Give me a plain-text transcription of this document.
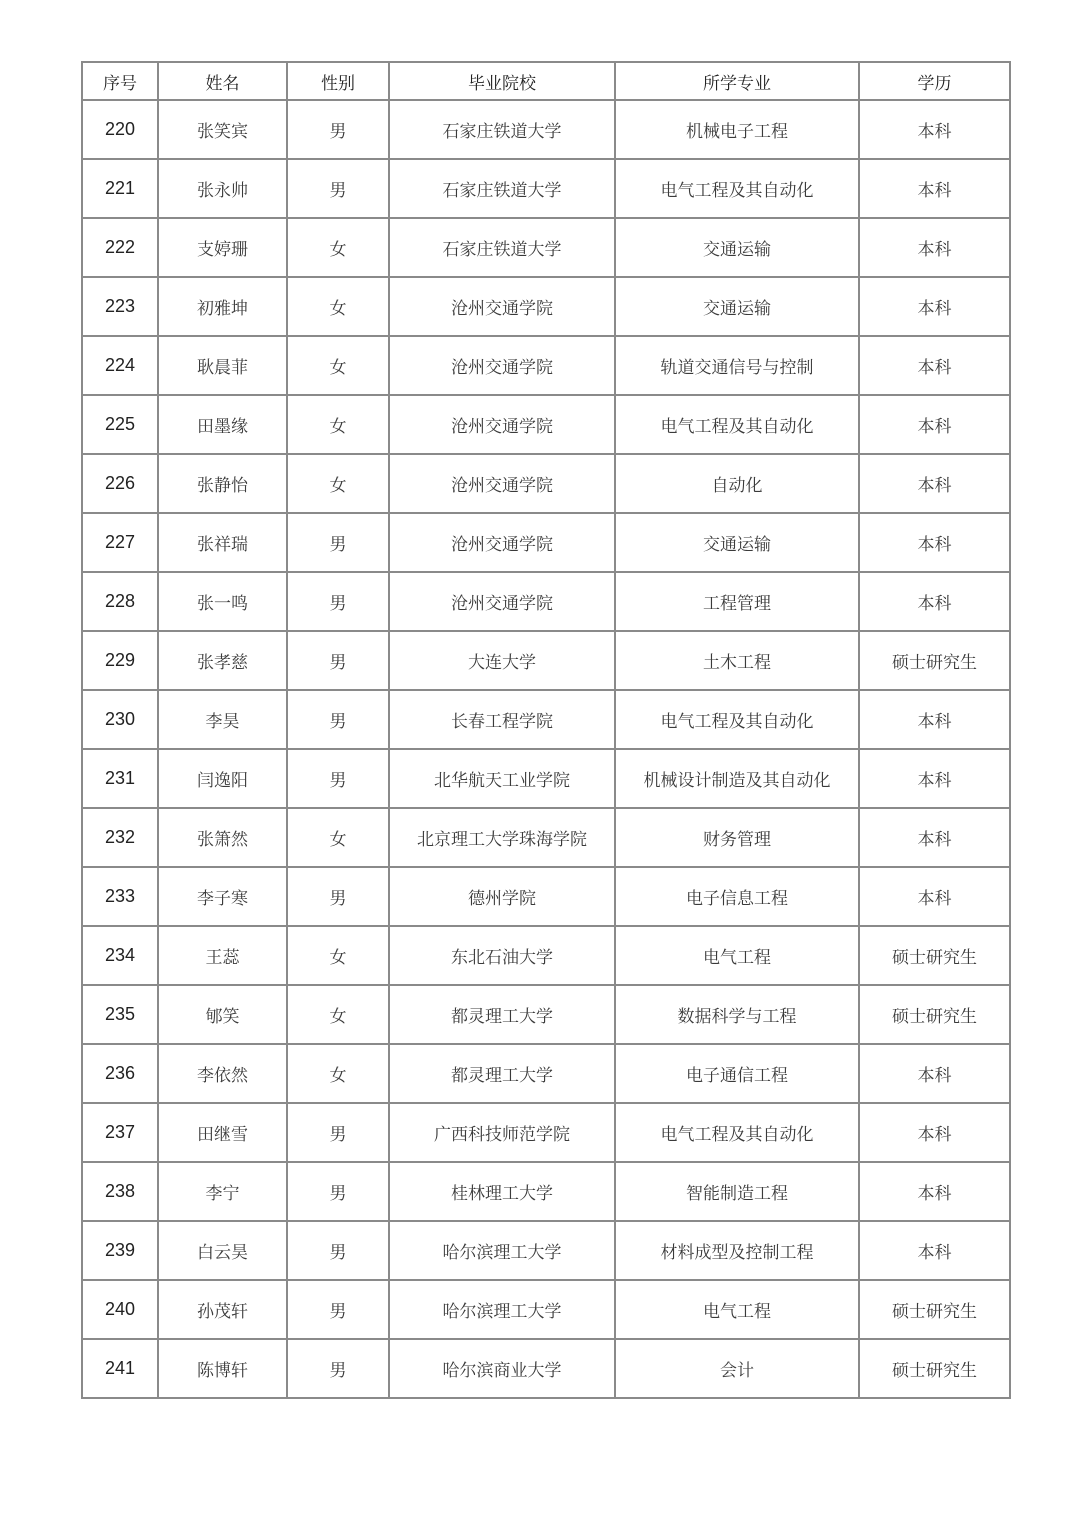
序号	姓名	性别	毕业院校	所学专业	学历
220	张笑宾	男	石家庄铁道大学	机械电子工程	本科
221	张永帅	男	石家庄铁道大学	电气工程及其自动化	本科
222	支婷珊	女	石家庄铁道大学	交通运输	本科
223	初雅坤	女	沧州交通学院	交通运输	本科
224	耿晨菲	女	沧州交通学院	轨道交通信号与控制	本科
225	田墨缘	女	沧州交通学院	电气工程及其自动化	本科
226	张静怡	女	沧州交通学院	自动化	本科
227	张祥瑞	男	沧州交通学院	交通运输	本科
228	张一鸣	男	沧州交通学院	工程管理	本科
229	张孝慈	男	大连大学	土木工程	硕士研究生
230	李昊	男	长春工程学院	电气工程及其自动化	本科
231	闫逸阳	男	北华航天工业学院	机械设计制造及其自动化	本科
232	张箫然	女	北京理工大学珠海学院	财务管理	本科
233	李子寒	男	德州学院	电子信息工程	本科
234	王蕊	女	东北石油大学	电气工程	硕士研究生
235	郇笑	女	都灵理工大学	数据科学与工程	硕士研究生
236	李依然	女	都灵理工大学	电子通信工程	本科
237	田继雪	男	广西科技师范学院	电气工程及其自动化	本科
238	李宁	男	桂林理工大学	智能制造工程	本科
239	白云昊	男	哈尔滨理工大学	材料成型及控制工程	本科
240	孙茂轩	男	哈尔滨理工大学	电气工程	硕士研究生
241	陈博轩	男	哈尔滨商业大学	会计	硕士研究生
